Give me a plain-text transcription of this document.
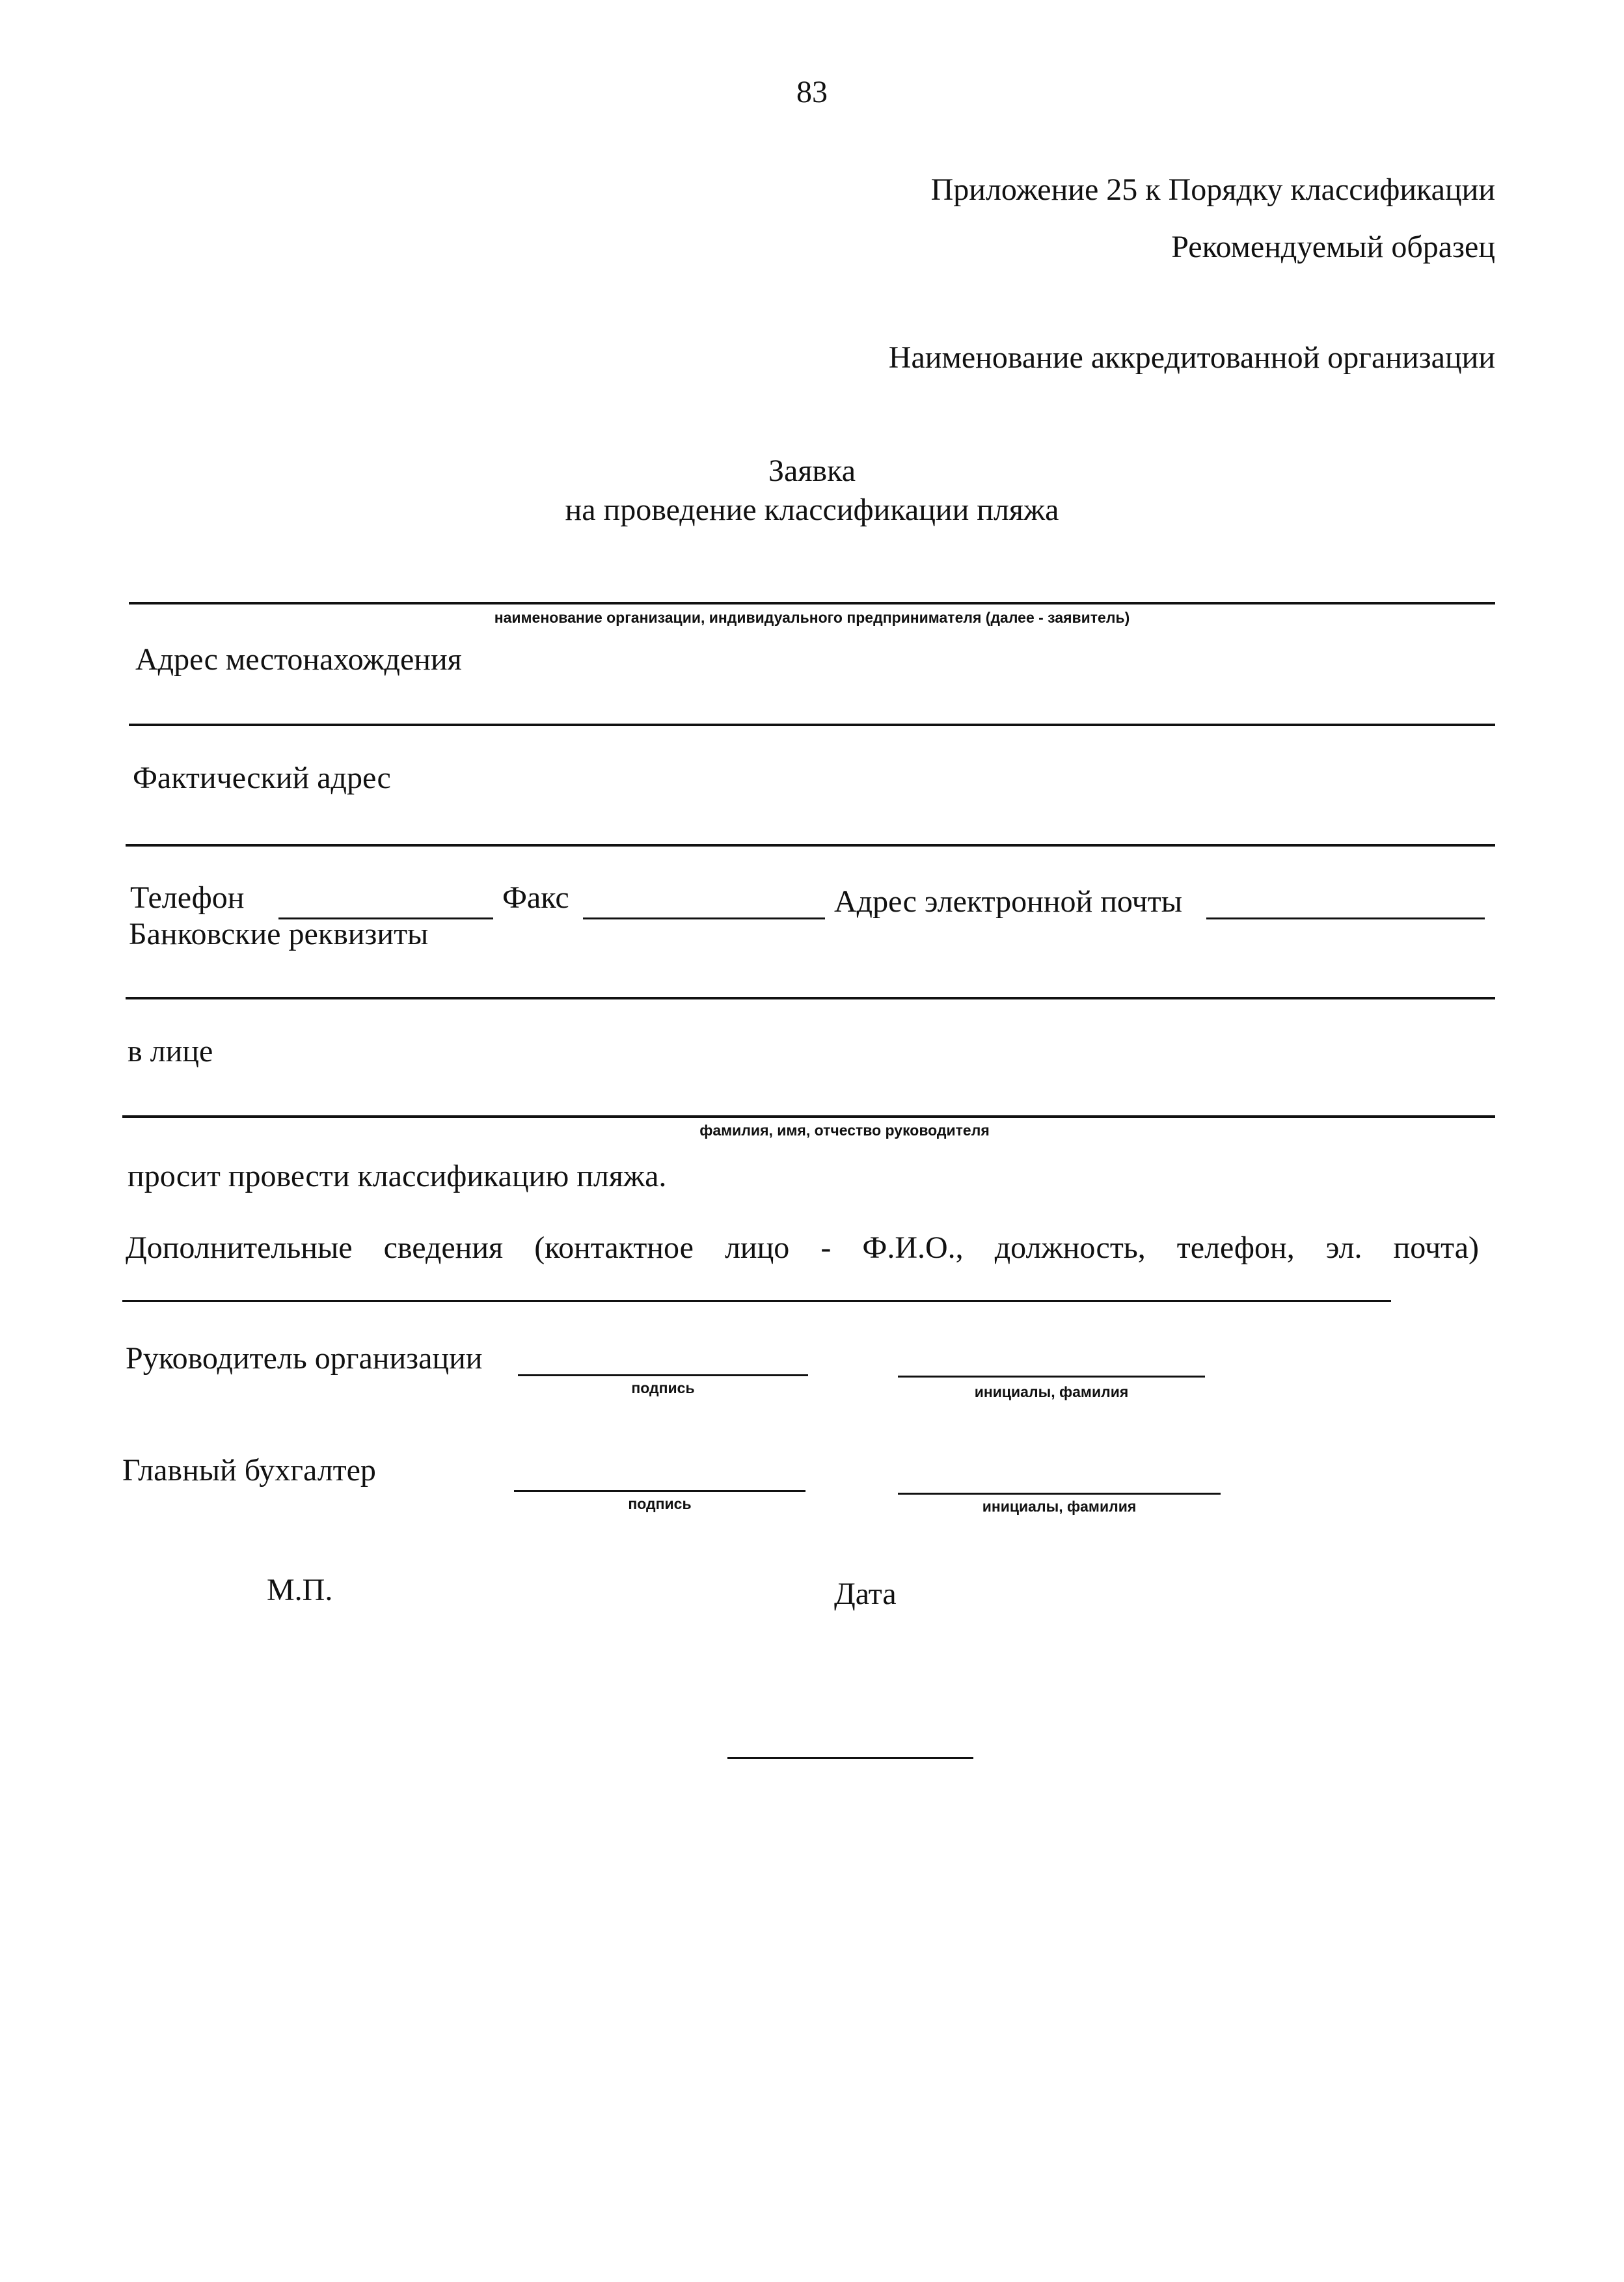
83
Приложение 25 к Порядку классификации
Рекомендуемый образец
Наименование аккредитованной организации
Заявка
на проведение классификации пляжа
наименование организации, индивидуального предпринимателя (далее - заявитель)
Адрес местонахождения
Фактический адрес
Телефон	Факс	Адрес электронной почты
Банковские реквизиты
в лице
фамилия, имя, отчество руководителя
просит провести классификацию пляжа.
Дополнительные сведения (контактное лицо - Ф.И.О., должность, телефон, эл. почта)
Руководитель организации
подпись	инициалы, фамилия
Главный бухгалтер
подпись	инициалы, фамилия
М.П.	Дата
